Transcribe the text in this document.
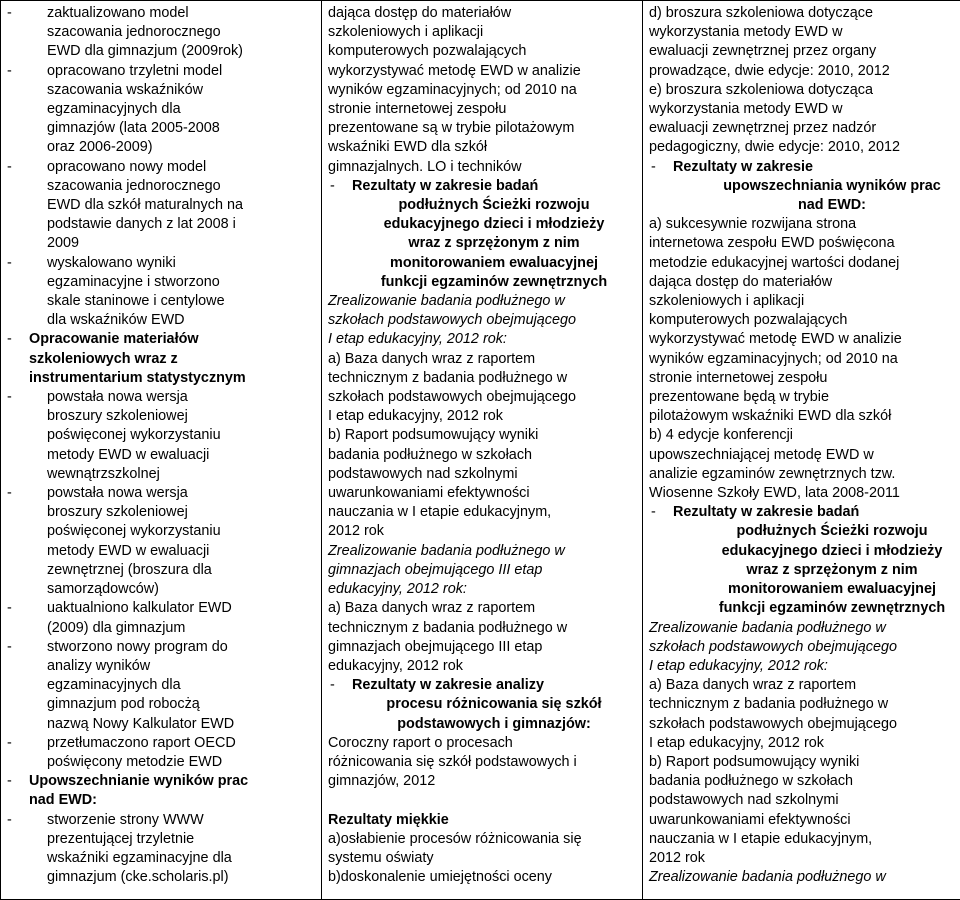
- zaktualizowano model
szacowania jednorocznego
EWD dla gimnazjum (2009rok)
- opracowano trzyletni model
szacowania wskaźników
egzaminacyjnych dla
gimnazjów (lata 2005-2008
oraz 2006-2009)
- opracowano nowy model
szacowania jednorocznego
EWD dla szkół maturalnych na
podstawie danych z lat 2008 i
2009
- wyskalowano wyniki
egzaminacyjne i stworzono
skale staninowe i centylowe
dla wskaźników EWD
- Opracowanie materiałów
szkoleniowych wraz z
instrumentarium statystycznym
- powstała nowa wersja
broszury szkoleniowej
poświęconej wykorzystaniu
metody EWD w ewaluacji
wewnątrzszkolnej
- powstała nowa wersja
broszury szkoleniowej
poświęconej wykorzystaniu
metody EWD w ewaluacji
zewnętrznej (broszura dla
samorządowców)
- uaktualniono kalkulator EWD
(2009) dla gimnazjum
- stworzono nowy program do
analizy wyników
egzaminacyjnych dla
gimnazjum pod robocżą
nazwą Nowy Kalkulator EWD
- przetłumaczono raport OECD
poświęcony metodzie EWD
- Upowszechnianie wyników prac
nad EWD:
- stworzenie strony WWW
prezentującej trzyletnie
wskaźniki egzaminacyjne dla
gimnazjum (cke.scholaris.pl)

dająca dostęp do materiałów
szkoleniowych i aplikacji
komputerowych pozwalających
wykorzystywać metodę EWD w analizie
wyników egzaminacyjnych; od 2010 na
stronie internetowej zespołu
prezentowane są w trybie pilotażowym
wskaźniki EWD dla szkół
gimnazjalnych. LO i techników
- Rezultaty w zakresie badań
podłużnych Ścieżki rozwoju
edukacyjnego dzieci i młodzieży
wraz z sprzężonym z nim
monitorowaniem ewaluacyjnej
funkcji egzaminów zewnętrznych
Zrealizowanie badania podłużnego w
szkołach podstawowych obejmującego
I etap edukacyjny, 2012 rok:
a) Baza danych wraz z raportem
technicznym z badania podłużnego w
szkołach podstawowych obejmującego
I etap edukacyjny, 2012 rok
b) Raport podsumowujący wyniki
badania podłużnego w szkołach
podstawowych nad szkolnymi
uwarunkowaniami efektywności
nauczania w I etapie edukacyjnym,
2012 rok
Zrealizowanie badania podłużnego w
gimnazjach obejmującego III etap
edukacyjny, 2012 rok:
a) Baza danych wraz z raportem
technicznym z badania podłużnego w
gimnazjach obejmującego III etap
edukacyjny, 2012 rok
- Rezultaty w zakresie analizy
procesu różnicowania się szkół
podstawowych i gimnazjów:
Coroczny raport o procesach
różnicowania się szkół podstawowych i
gimnazjów, 2012
Rezultaty miękkie
a)osłabienie procesów różnicowania się
systemu oświaty
b)doskonalenie umiejętności oceny

d) broszura szkoleniowa dotyczące
wykorzystania metody EWD w
ewaluacji zewnętrznej przez organy
prowadzące, dwie edycje: 2010, 2012
e) broszura szkoleniowa dotycząca
wykorzystania metody EWD w
ewaluacji zewnętrznej przez nadzór
pedagogiczny, dwie edycje: 2010, 2012
- Rezultaty w zakresie
upowszechniania wyników prac
nad EWD:
a) sukcesywnie rozwijana strona
internetowa zespołu EWD poświęcona
metodzie edukacyjnej wartości dodanej
dająca dostęp do materiałów
szkoleniowych i aplikacji
komputerowych pozwalających
wykorzystywać metodę EWD w analizie
wyników egzaminacyjnych; od 2010 na
stronie internetowej zespołu
prezentowane będą w trybie
pilotażowym wskaźniki EWD dla szkół
b) 4 edycje konferencji
upowszechniającej metodę EWD w
analizie egzaminów zewnętrznych tzw.
Wiosenne Szkoły EWD, lata 2008-2011
- Rezultaty w zakresie badań
podłużnych Ścieżki rozwoju
edukacyjnego dzieci i młodzieży
wraz z sprzężonym z nim
monitorowaniem ewaluacyjnej
funkcji egzaminów zewnętrznych
Zrealizowanie badania podłużnego w
szkołach podstawowych obejmującego
I etap edukacyjny, 2012 rok:
a) Baza danych wraz z raportem
technicznym z badania podłużnego w
szkołach podstawowych obejmującego
I etap edukacyjny, 2012 rok
b) Raport podsumowujący wyniki
badania podłużnego w szkołach
podstawowych nad szkolnymi
uwarunkowaniami efektywności
nauczania w I etapie edukacyjnym,
2012 rok
Zrealizowanie badania podłużnego w
